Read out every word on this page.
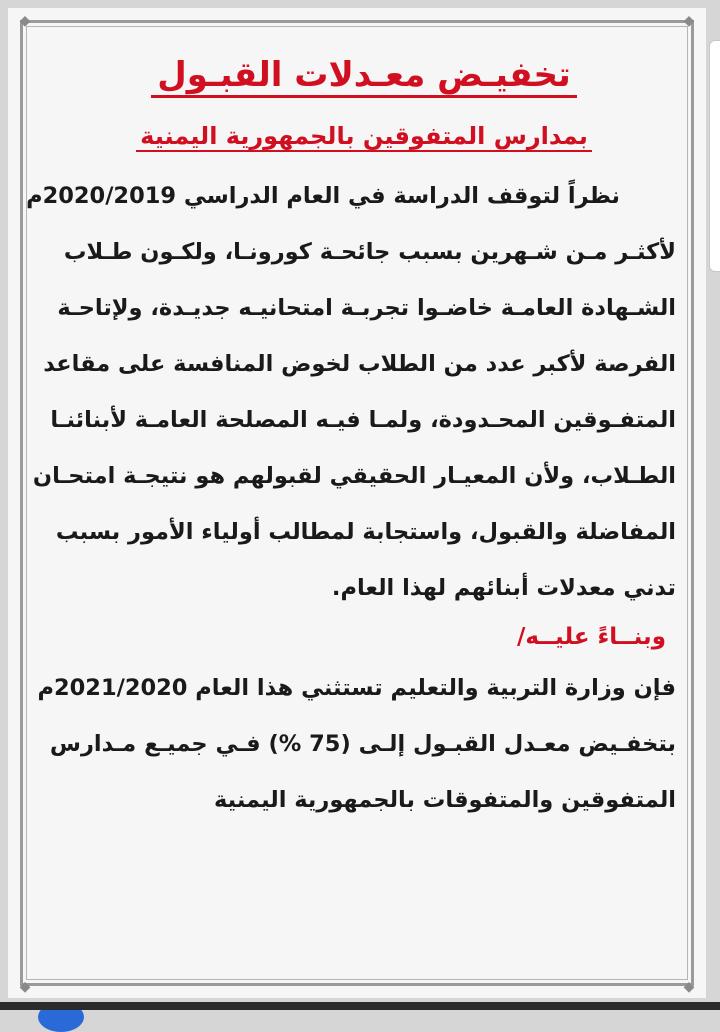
◆	◆
◆	◆
تخفيـض معـدلات القبـول
بمدارس المتفوقين بالجمهورية اليمنية

نظراً لتوقف الدراسة في العام الدراسي 2020/2019م
لأكثـر مـن شـهرين بسبب جائحـة كورونـا، ولكـون طـلاب
الشـهادة العامـة خاضـوا تجربـة امتحانيـه جديـدة، ولإتاحـة
الفرصة لأكبر عدد من الطلاب لخوض المنافسة على مقاعد
المتفـوقين المحـدودة، ولمـا فيـه المصلحة العامـة لأبنائنـا
الطـلاب، ولأن المعيـار الحقيقي لقبولهم هو نتيجـة امتحـان
المفاضلة والقبول، واستجابة لمطالب أولياء الأمور بسبب
تدني معدلات أبنائهم لهذا العام.

وبنــاءً عليــه/

فإن وزارة التربية والتعليم تستثني هذا العام 2021/2020م
بتخفـيض معـدل القبـول إلـى (75 %) فـي جميـع مـدارس
المتفوقين والمتفوقات بالجمهورية اليمنية
